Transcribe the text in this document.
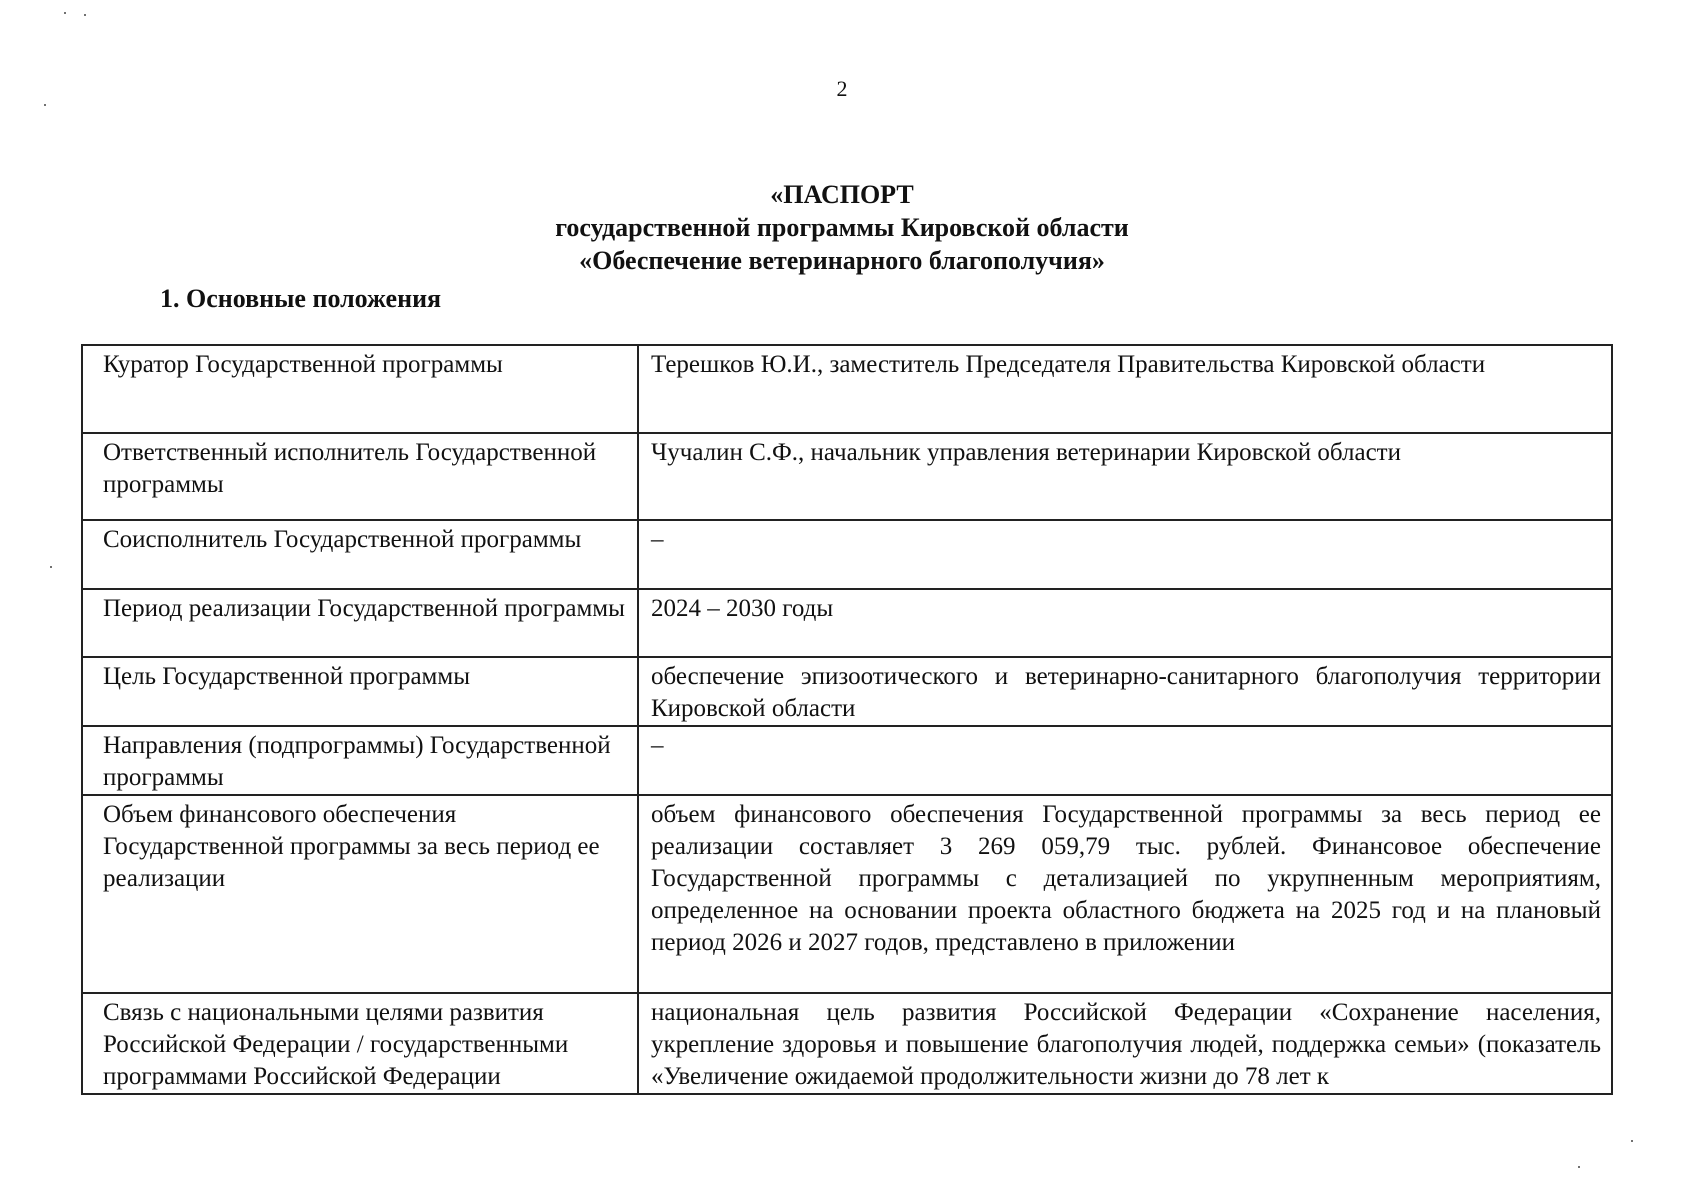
2
«ПАСПОРТ
государственной программы Кировской области
«Обеспечение ветеринарного благополучия»
1. Основные положения
Куратор Государственной программы	Терешков Ю.И., заместитель Председателя Правительства Кировской области
Ответственный исполнитель Государственной программы	Чучалин С.Ф., начальник управления ветеринарии Кировской области
Соисполнитель Государственной программы	–
Период реализации Государственной программы	2024 – 2030 годы
Цель Государственной программы	обеспечение эпизоотического и ветеринарно-санитарного благополучия территории Кировской области
Направления (подпрограммы) Государственной программы	–
Объем финансового обеспечения Государственной программы за весь период ее реализации	объем финансового обеспечения Государственной программы за весь период ее реализации составляет 3 269 059,79 тыс. рублей. Финансовое обеспечение Государственной программы с детализацией по укрупненным мероприятиям, определенное на основании проекта областного бюджета на 2025 год и на плановый период 2026 и 2027 годов, представлено в приложении
Связь с национальными целями развития Российской Федерации / государственными программами Российской Федерации	национальная цель развития Российской Федерации «Сохранение населения, укрепление здоровья и повышение благополучия людей, поддержка семьи» (показатель «Увеличение ожидаемой продолжительности жизни до 78 лет к
